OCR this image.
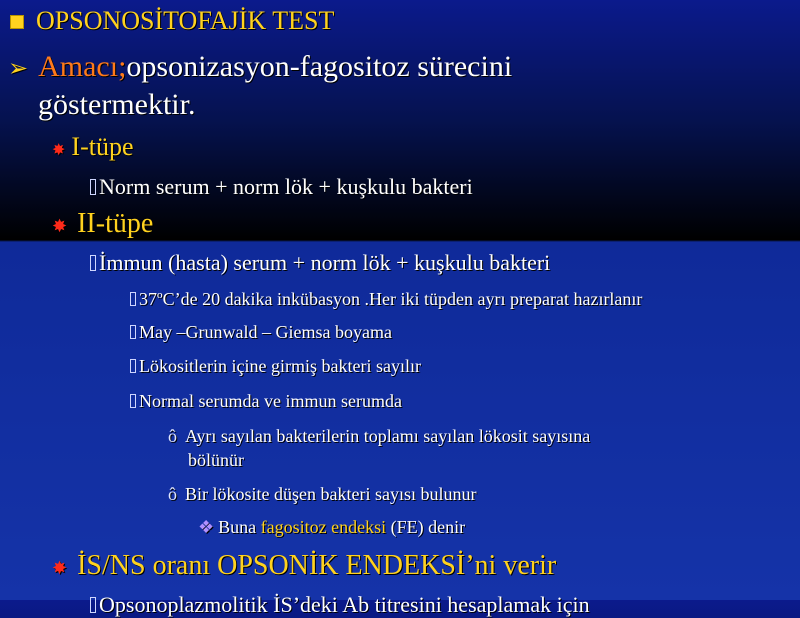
OPSONOSİTOFAJİK TEST
➢ Amacı;opsonizasyon-fagositoz sürecini
göstermektir.
✸ I-tüpe
Norm serum + norm lök + kuşkulu bakteri
✸ II-tüpe
İmmun (hasta) serum + norm lök + kuşkulu bakteri
37ºC’de 20 dakika inkübasyon .Her iki tüpden ayrı preparat hazırlanır
May –Grunwald – Giemsa boyama
Lökositlerin içine girmiş bakteri sayılır
Normal serumda ve immun serumda
ô Ayrı sayılan bakterilerin toplamı sayılan lökosit sayısına
bölünür
ô Bir lökosite düşen bakteri sayısı bulunur
❖ Buna fagositoz endeksi (FE) denir
✸ İS/NS oranı OPSONİK ENDEKSİ’ni verir
Opsonoplazmolitik İS’deki Ab titresini hesaplamak için
